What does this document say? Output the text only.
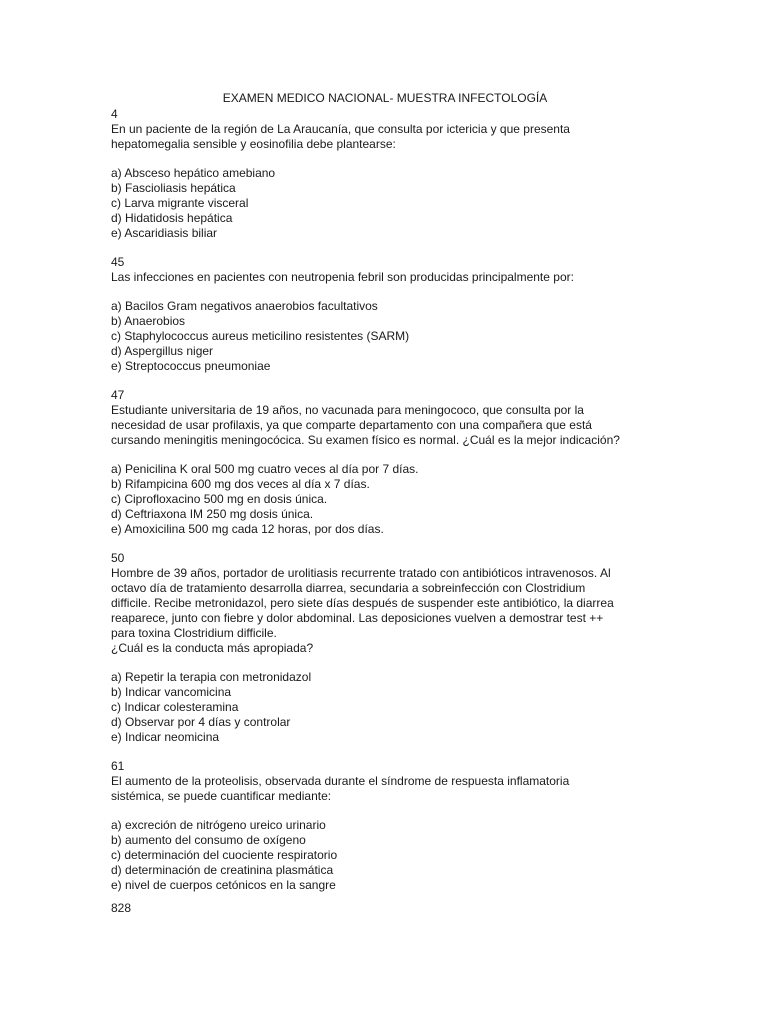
EXAMEN MEDICO NACIONAL- MUESTRA INFECTOLOGÍA
4
En un paciente de la región de La Araucanía, que consulta por ictericia y que presenta
hepatomegalia sensible y eosinofilia debe plantearse:
a) Absceso hepático amebiano
b) Fascioliasis hepática
c) Larva migrante visceral
d) Hidatidosis hepática
e) Ascaridiasis biliar
45
Las infecciones en pacientes con neutropenia febril son producidas principalmente por:
a) Bacilos Gram negativos anaerobios facultativos
b) Anaerobios
c) Staphylococcus aureus meticilino resistentes (SARM)
d) Aspergillus niger
e) Streptococcus pneumoniae
47
Estudiante universitaria de 19 años, no vacunada para meningococo, que consulta por la
necesidad de usar profilaxis, ya que comparte departamento con una compañera que está
cursando meningitis meningocócica. Su examen físico es normal. ¿Cuál es la mejor indicación?
a) Penicilina K oral 500 mg cuatro veces al día por 7 días.
b) Rifampicina 600 mg dos veces al día x 7 días.
c) Ciprofloxacino 500 mg en dosis única.
d) Ceftriaxona IM 250 mg dosis única.
e) Amoxicilina 500 mg cada 12 horas, por dos días.
50
Hombre de 39 años, portador de urolitiasis recurrente tratado con antibióticos intravenosos. Al
octavo día de tratamiento desarrolla diarrea, secundaria a sobreinfección con Clostridium
difficile. Recibe metronidazol, pero siete días después de suspender este antibiótico, la diarrea
reaparece, junto con fiebre y dolor abdominal. Las deposiciones vuelven a demostrar test ++
para toxina Clostridium difficile.
¿Cuál es la conducta más apropiada?
a) Repetir la terapia con metronidazol
b) Indicar vancomicina
c) Indicar colesteramina
d) Observar por 4 días y controlar
e) Indicar neomicina
61
El aumento de la proteolisis, observada durante el síndrome de respuesta inflamatoria
sistémica, se puede cuantificar mediante:
a) excreción de nitrógeno ureico urinario
b) aumento del consumo de oxígeno
c) determinación del cuociente respiratorio
d) determinación de creatinina plasmática
e) nivel de cuerpos cetónicos en la sangre
828
